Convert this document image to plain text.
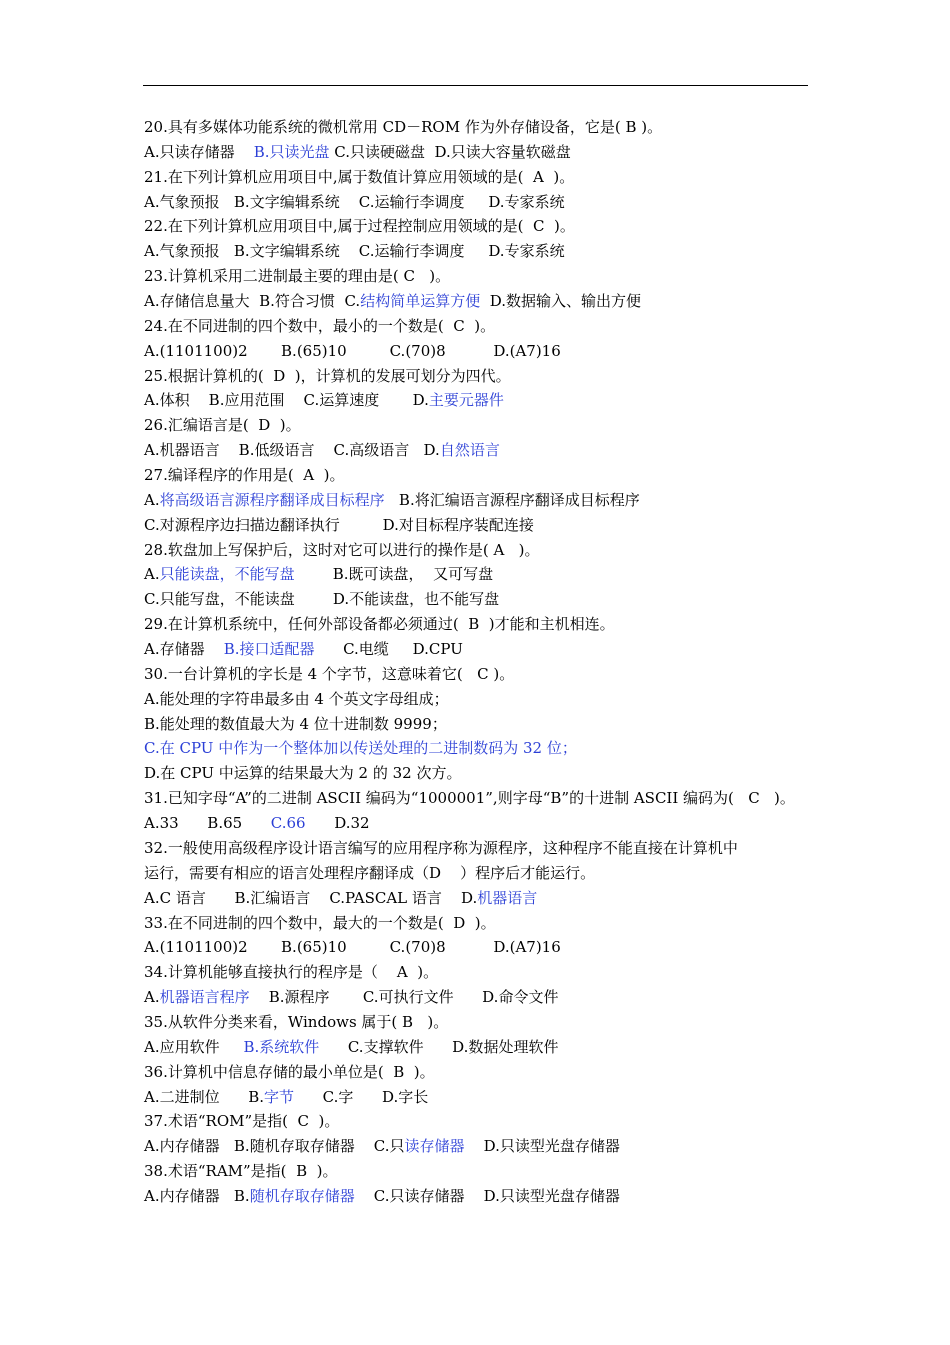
20.具有多媒体功能系统的微机常用 CD－ROM 作为外存储设备，它是( B )。
A.只读存储器    B.只读光盘 C.只读硬磁盘  D.只读大容量软磁盘
21.在下列计算机应用项目中,属于数值计算应用领域的是(  A  )。
A.气象预报   B.文字编辑系统    C.运输行李调度     D.专家系统
22.在下列计算机应用项目中,属于过程控制应用领域的是(  C  )。
A.气象预报   B.文字编辑系统    C.运输行李调度     D.专家系统
23.计算机采用二进制最主要的理由是( C   )。
A.存储信息量大  B.符合习惯  C.结构简单运算方便  D.数据输入、输出方便
24.在不同进制的四个数中，最小的一个数是(  C  )。
A.(1101100)2       B.(65)10         C.(70)8          D.(A7)16
25.根据计算机的(  D  )，计算机的发展可划分为四代。
A.体积    B.应用范围    C.运算速度       D.主要元器件
26.汇编语言是(  D  )。
A.机器语言    B.低级语言    C.高级语言   D.自然语言
27.编译程序的作用是(  A  )。
A.将高级语言源程序翻译成目标程序   B.将汇编语言源程序翻译成目标程序
C.对源程序边扫描边翻译执行         D.对目标程序装配连接
28.软盘加上写保护后，这时对它可以进行的操作是( A   )。
A.只能读盘，不能写盘        B.既可读盘，  又可写盘
C.只能写盘，不能读盘        D.不能读盘，也不能写盘
29.在计算机系统中，任何外部设备都必须通过(  B  )才能和主机相连。
A.存储器    B.接口适配器      C.电缆     D.CPU
30.一台计算机的字长是 4 个字节，这意味着它(   C )。
A.能处理的字符串最多由 4 个英文字母组成；
B.能处理的数值最大为 4 位十进制数 9999；
C.在 CPU 中作为一个整体加以传送处理的二进制数码为 32 位；
D.在 CPU 中运算的结果最大为 2 的 32 次方。
31.已知字母“A”的二进制 ASCII 编码为“1000001”,则字母“B”的十进制 ASCII 编码为(   C   )。
A.33      B.65      C.66      D.32
32.一般使用高级程序设计语言编写的应用程序称为源程序，这种程序不能直接在计算机中
运行，需要有相应的语言处理程序翻译成（D    ）程序后才能运行。
A.C 语言      B.汇编语言    C.PASCAL 语言    D.机器语言
33.在不同进制的四个数中，最大的一个数是(  D  )。
A.(1101100)2       B.(65)10         C.(70)8          D.(A7)16
34.计算机能够直接执行的程序是（    A  )。
A.机器语言程序    B.源程序       C.可执行文件      D.命令文件
35.从软件分类来看，Windows 属于( B   )。
A.应用软件     B.系统软件      C.支撑软件      D.数据处理软件
36.计算机中信息存储的最小单位是(  B  )。
A.二进制位      B.字节      C.字      D.字长
37.术语“ROM”是指(  C  )。
A.内存储器   B.随机存取存储器    C.只读存储器    D.只读型光盘存储器
38.术语“RAM”是指(  B  )。
A.内存储器   B.随机存取存储器    C.只读存储器    D.只读型光盘存储器
